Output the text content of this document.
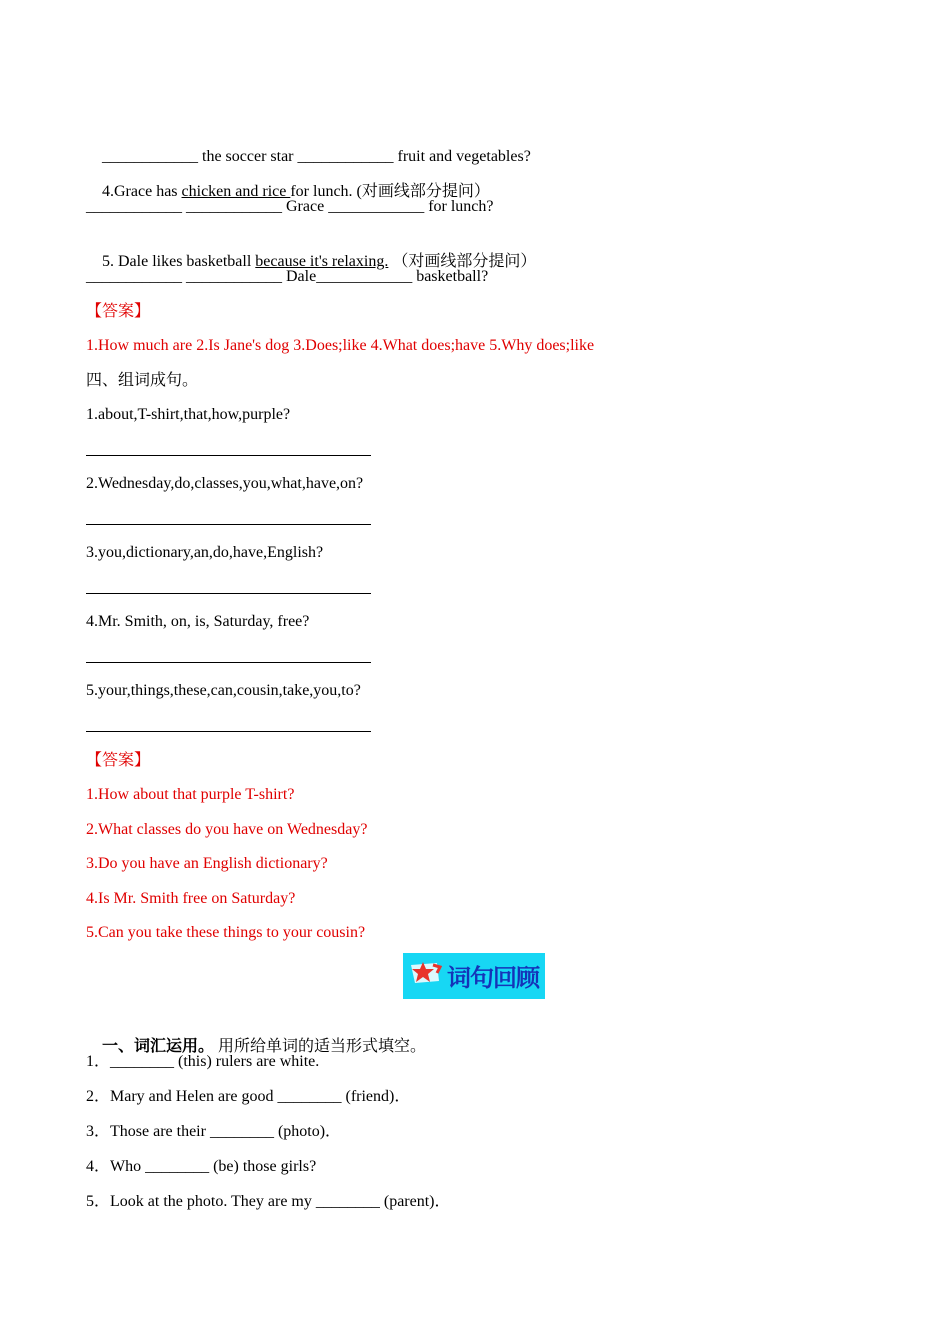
____________ the soccer star ____________ fruit and vegetables?

4.Grace has chicken and rice for lunch. (对画线部分提问）

____________ ____________ Grace ____________ for lunch?

5. Dale likes basketball because it's relaxing. （对画线部分提问）

____________ ____________ Dale____________ basketball?
【答案】
1.How much are 2.Is Jane's dog 3.Does;like 4.What does;have 5.Why does;like
四、组词成句。
1.about,T-shirt,that,how,purple?
2.Wednesday,do,classes,you,what,have,on?
3.you,dictionary,an,do,have,English?
4.Mr. Smith, on, is, Saturday, free?
5.your,things,these,can,cousin,take,you,to?
【答案】
1.How about that purple T-shirt?
2.What classes do you have on Wednesday?
3.Do you have an English dictionary?
4.Is Mr. Smith free on Saturday?
5.Can you take these things to your cousin?
词句回顾

一、词汇运用。 用所给单词的适当形式填空。

1．________ (this) rulers are white.
2．Mary and Helen are good ________ (friend)．
3．Those are their ________ (photo)．
4．Who ________ (be) those girls?
5．Look at the photo. They are my ________ (parent)．
